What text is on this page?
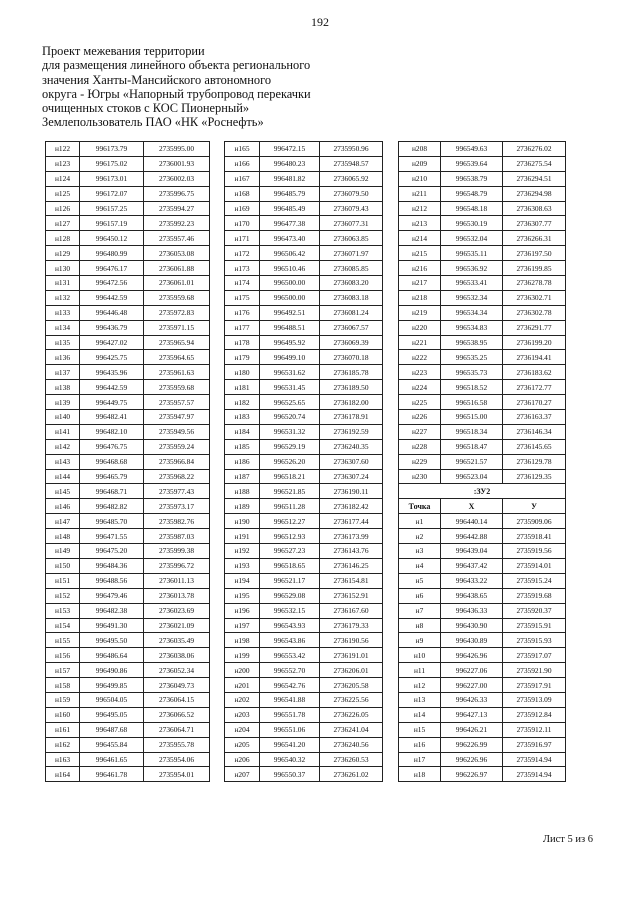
192
Проект межевания территории
для размещения линейного объекта регионального
значения Ханты-Мансийского автономного
округа - Югры «Напорный трубопровод перекачки
очищенных стоков с КОС Пионерный»
Землепользователь ПАО «НК «Роснефть»
н122	996173.79	2735995.00
н123	996175.02	2736001.93
н124	996173.01	2736002.03
н125	996172.07	2735996.75
н126	996157.25	2735994.27
н127	996157.19	2735992.23
н128	996450.12	2735957.46
н129	996480.99	2736053.08
н130	996476.17	2736061.88
н131	996472.56	2736061.01
н132	996442.59	2735959.68
н133	996446.48	2735972.83
н134	996436.79	2735971.15
н135	996427.02	2735965.94
н136	996425.75	2735964.65
н137	996435.96	2735961.63
н138	996442.59	2735959.68
н139	996449.75	2735957.57
н140	996482.41	2735947.97
н141	996482.10	2735949.56
н142	996476.75	2735959.24
н143	996468.68	2735966.84
н144	996465.79	2735968.22
н145	996468.71	2735977.43
н146	996482.82	2735973.17
н147	996485.70	2735982.76
н148	996471.55	2735987.03
н149	996475.20	2735999.38
н150	996484.36	2735996.72
н151	996488.56	2736011.13
н152	996479.46	2736013.78
н153	996482.38	2736023.69
н154	996491.30	2736021.09
н155	996495.50	2736035.49
н156	996486.64	2736038.06
н157	996490.86	2736052.34
н158	996499.85	2736049.73
н159	996504.05	2736064.15
н160	996495.05	2736066.52
н161	996487.68	2736064.71
н162	996455.84	2735955.78
н163	996461.65	2735954.06
н164	996461.78	2735954.01
н165	996472.15	2735950.96
н166	996480.23	2735948.57
н167	996481.82	2736065.92
н168	996485.79	2736079.50
н169	996485.49	2736079.43
н170	996477.38	2736077.31
н171	996473.40	2736063.85
н172	996506.42	2736071.97
н173	996510.46	2736085.85
н174	996500.00	2736083.20
н175	996500.00	2736083.18
н176	996492.51	2736081.24
н177	996488.51	2736067.57
н178	996495.92	2736069.39
н179	996499.10	2736070.18
н180	996531.62	2736185.78
н181	996531.45	2736189.50
н182	996525.65	2736182.00
н183	996520.74	2736178.91
н184	996531.32	2736192.59
н185	996529.19	2736240.35
н186	996526.20	2736307.60
н187	996518.21	2736307.24
н188	996521.85	2736190.11
н189	996511.28	2736182.42
н190	996512.27	2736177.44
н191	996512.93	2736173.99
н192	996527.23	2736143.76
н193	996518.65	2736146.25
н194	996521.17	2736154.81
н195	996529.08	2736152.91
н196	996532.15	2736167.60
н197	996543.93	2736179.33
н198	996543.86	2736190.56
н199	996553.42	2736191.01
н200	996552.70	2736206.01
н201	996542.76	2736205.58
н202	996541.88	2736225.56
н203	996551.78	2736226.05
н204	996551.06	2736241.04
н205	996541.20	2736240.56
н206	996540.32	2736260.53
н207	996550.37	2736261.02
н208	996549.63	2736276.02
н209	996539.64	2736275.54
н210	996538.79	2736294.51
н211	996548.79	2736294.98
н212	996548.18	2736308.63
н213	996530.19	2736307.77
н214	996532.04	2736266.31
н215	996535.11	2736197.50
н216	996536.92	2736199.85
н217	996533.41	2736278.78
н218	996532.34	2736302.71
н219	996534.34	2736302.78
н220	996534.83	2736291.77
н221	996538.95	2736199.20
н222	996535.25	2736194.41
н223	996535.73	2736183.62
н224	996518.52	2736172.77
н225	996516.58	2736170.27
н226	996515.00	2736163.37
н227	996518.34	2736146.34
н228	996518.47	2736145.65
н229	996521.57	2736129.78
н230	996523.04	2736129.35
:ЗУ2		
Точка	X	У
н1	996440.14	2735909.06
н2	996442.88	2735918.41
н3	996439.04	2735919.56
н4	996437.42	2735914.01
н5	996433.22	2735915.24
н6	996438.65	2735919.68
н7	996436.33	2735920.37
н8	996430.90	2735915.91
н9	996430.89	2735915.93
н10	996426.96	2735917.07
н11	996227.06	2735921.90
н12	996227.00	2735917.91
н13	996426.33	2735913.09
н14	996427.13	2735912.84
н15	996426.21	2735912.11
н16	996226.99	2735916.97
н17	996226.96	2735914.94
н18	996226.97	2735914.94
Лист 5 из 6
